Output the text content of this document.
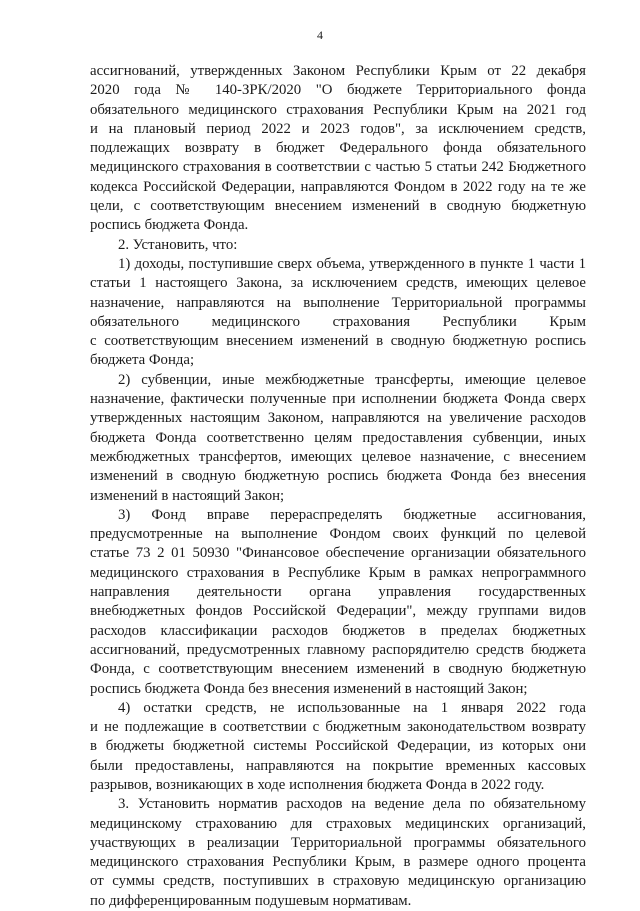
4
ассигнований, утвержденных Законом Республики Крым от 22 декабря
2020 года № 140-ЗРК/2020 "О бюджете Территориального фонда
обязательного медицинского страхования Республики Крым на 2021 год
и на плановый период 2022 и 2023 годов", за исключением средств,
подлежащих возврату в бюджет Федерального фонда обязательного
медицинского страхования в соответствии с частью 5 статьи 242 Бюджетного
кодекса Российской Федерации, направляются Фондом в 2022 году на те же
цели, с соответствующим внесением изменений в сводную бюджетную
роспись бюджета Фонда.
2. Установить, что:
1) доходы, поступившие сверх объема, утвержденного в пункте 1 части 1
статьи 1 настоящего Закона, за исключением средств, имеющих целевое
назначение, направляются на выполнение Территориальной программы
обязательного медицинского страхования Республики Крым
с соответствующим внесением изменений в сводную бюджетную роспись
бюджета Фонда;
2) субвенции, иные межбюджетные трансферты, имеющие целевое
назначение, фактически полученные при исполнении бюджета Фонда сверх
утвержденных настоящим Законом, направляются на увеличение расходов
бюджета Фонда соответственно целям предоставления субвенции, иных
межбюджетных трансфертов, имеющих целевое назначение, с внесением
изменений в сводную бюджетную роспись бюджета Фонда без внесения
изменений в настоящий Закон;
3) Фонд вправе перераспределять бюджетные ассигнования,
предусмотренные на выполнение Фондом своих функций по целевой
статье 73 2 01 50930 "Финансовое обеспечение организации обязательного
медицинского страхования в Республике Крым в рамках непрограммного
направления деятельности органа управления государственных
внебюджетных фондов Российской Федерации", между группами видов
расходов классификации расходов бюджетов в пределах бюджетных
ассигнований, предусмотренных главному распорядителю средств бюджета
Фонда, с соответствующим внесением изменений в сводную бюджетную
роспись бюджета Фонда без внесения изменений в настоящий Закон;
4) остатки средств, не использованные на 1 января 2022 года
и не подлежащие в соответствии с бюджетным законодательством возврату
в бюджеты бюджетной системы Российской Федерации, из которых они
были предоставлены, направляются на покрытие временных кассовых
разрывов, возникающих в ходе исполнения бюджета Фонда в 2022 году.
3. Установить норматив расходов на ведение дела по обязательному
медицинскому страхованию для страховых медицинских организаций,
участвующих в реализации Территориальной программы обязательного
медицинского страхования Республики Крым, в размере одного процента
от суммы средств, поступивших в страховую медицинскую организацию
по дифференцированным подушевым нормативам.
